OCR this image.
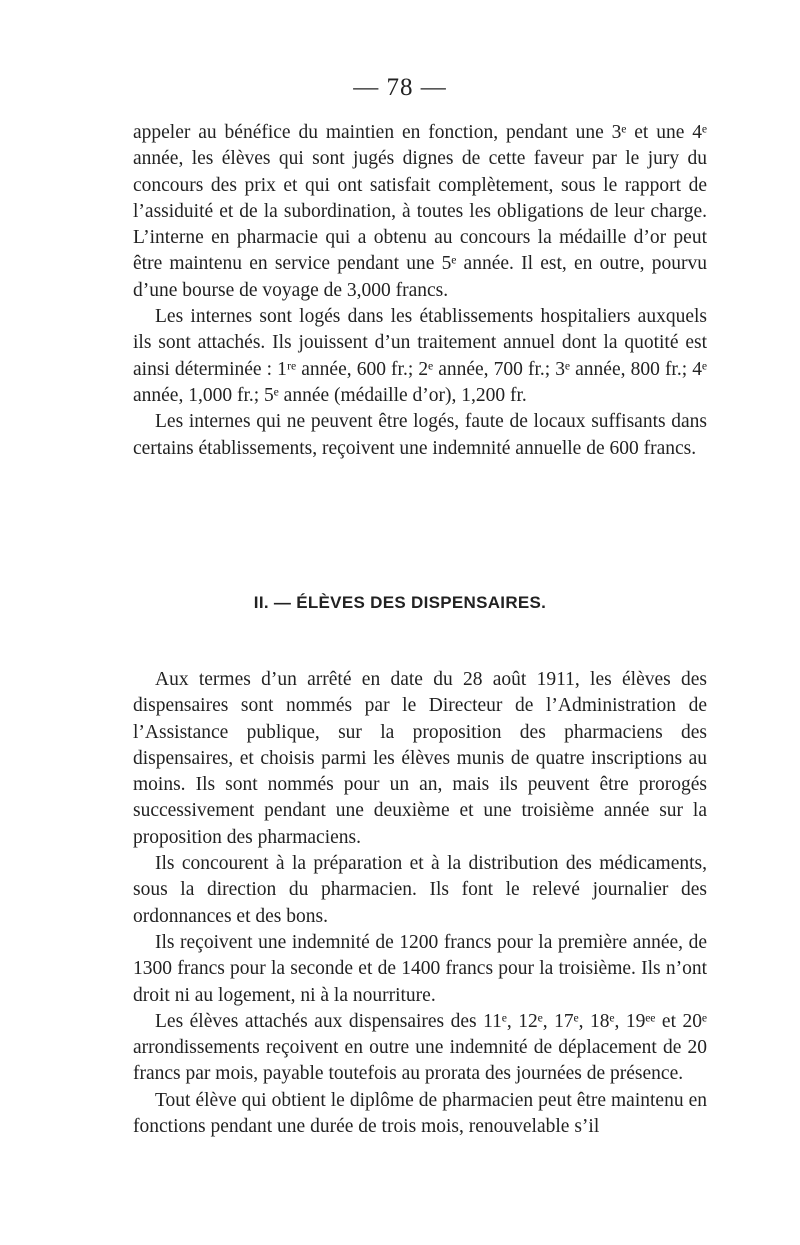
— 78 —

appeler au bénéfice du maintien en fonction, pendant une 3ᵉ et une 4ᵉ année, les élèves qui sont jugés dignes de cette faveur par le jury du concours des prix et qui ont satisfait complètement, sous le rapport de l’assiduité et de la subordination, à toutes les obligations de leur charge. L’interne en pharmacie qui a obtenu au concours la médaille d’or peut être maintenu en service pendant une 5ᵉ année. Il est, en outre, pourvu d’une bourse de voyage de 3,000 francs.

Les internes sont logés dans les établissements hospitaliers auxquels ils sont attachés. Ils jouissent d’un traitement annuel dont la quotité est ainsi déterminée : 1ʳᵉ année, 600 fr.; 2ᵉ année, 700 fr.; 3ᵉ année, 800 fr.; 4ᵉ année, 1,000 fr.; 5ᵉ année (médaille d’or), 1,200 fr.

Les internes qui ne peuvent être logés, faute de locaux suffisants dans certains établissements, reçoivent une indemnité annuelle de 600 francs.

II. — ÉLÈVES DES DISPENSAIRES.

Aux termes d’un arrêté en date du 28 août 1911, les élèves des dispensaires sont nommés par le Directeur de l’Administration de l’Assistance publique, sur la proposition des pharmaciens des dispensaires, et choisis parmi les élèves munis de quatre inscriptions au moins. Ils sont nommés pour un an, mais ils peuvent être prorogés successivement pendant une deuxième et une troisième année sur la proposition des pharmaciens.

Ils concourent à la préparation et à la distribution des médicaments, sous la direction du pharmacien. Ils font le relevé journalier des ordonnances et des bons.

Ils reçoivent une indemnité de 1200 francs pour la première année, de 1300 francs pour la seconde et de 1400 francs pour la troisième. Ils n’ont droit ni au logement, ni à la nourriture.

Les élèves attachés aux dispensaires des 11ᵉ, 12ᵉ, 17ᵉ, 18ᵉ, 19ᵉᵉ et 20ᵉ arrondissements reçoivent en outre une indemnité de déplacement de 20 francs par mois, payable toutefois au prorata des journées de présence.

Tout élève qui obtient le diplôme de pharmacien peut être maintenu en fonctions pendant une durée de trois mois, renouvelable s’il
